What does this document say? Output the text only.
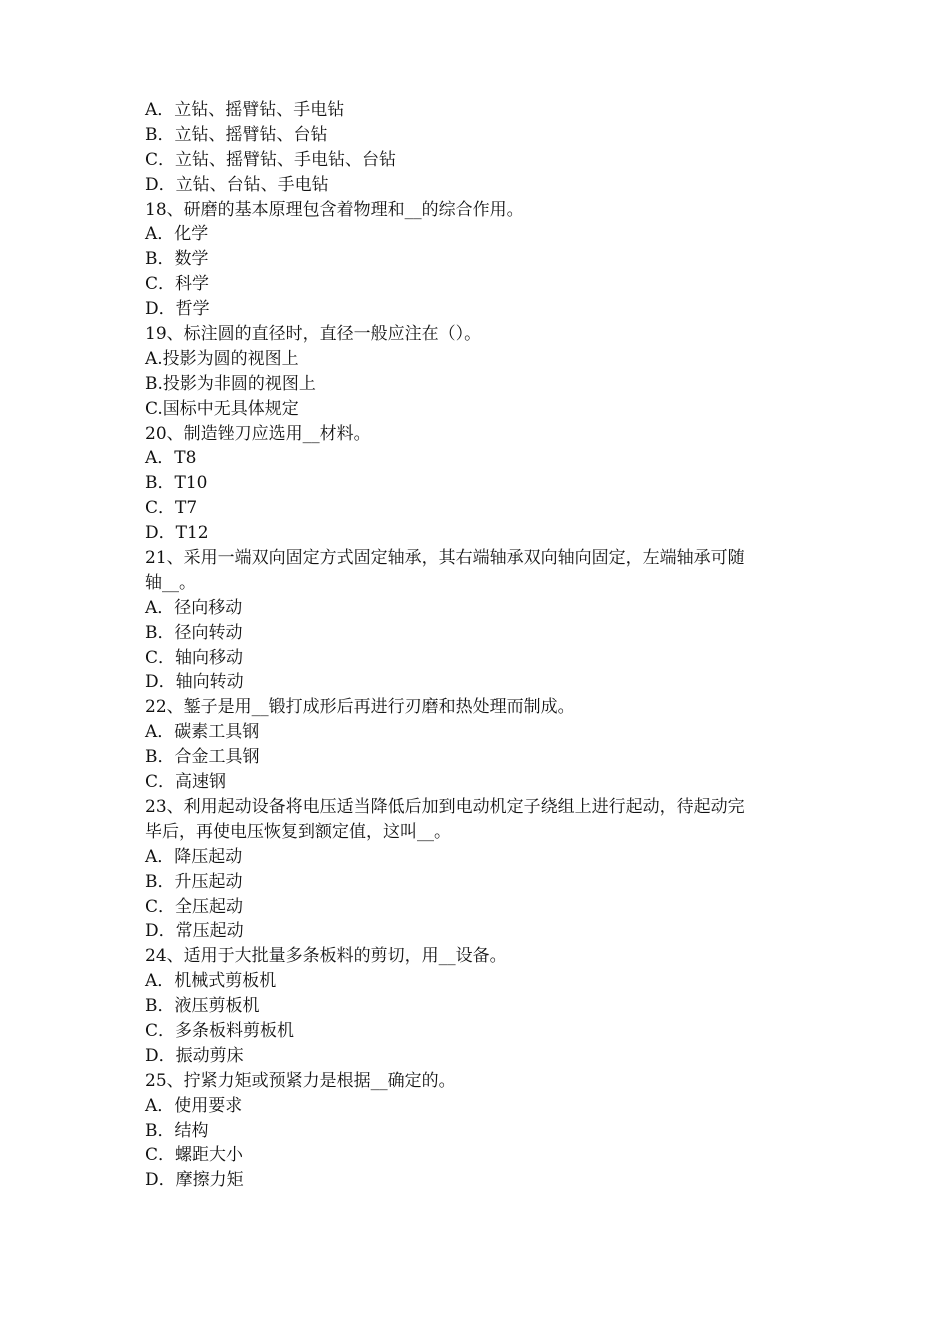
A．立钻、摇臂钻、手电钻
B．立钻、摇臂钻、台钻
C．立钻、摇臂钻、手电钻、台钻
D．立钻、台钻、手电钻
18、研磨的基本原理包含着物理和__的综合作用。
A．化学
B．数学
C．科学
D．哲学
19、标注圆的直径时，直径一般应注在（）。
A.投影为圆的视图上
B.投影为非圆的视图上
C.国标中无具体规定
20、制造锉刀应选用__材料。
A．T8
B．T10
C．T7
D．T12
21、采用一端双向固定方式固定轴承，其右端轴承双向轴向固定，左端轴承可随
轴__。
A．径向移动
B．径向转动
C．轴向移动
D．轴向转动
22、錾子是用__锻打成形后再进行刃磨和热处理而制成。
A．碳素工具钢
B．合金工具钢
C．高速钢
23、利用起动设备将电压适当降低后加到电动机定子绕组上进行起动，待起动完
毕后，再使电压恢复到额定值，这叫__。
A．降压起动
B．升压起动
C．全压起动
D．常压起动
24、适用于大批量多条板料的剪切，用__设备。
A．机械式剪板机
B．液压剪板机
C．多条板料剪板机
D．振动剪床
25、拧紧力矩或预紧力是根据__确定的。
A．使用要求
B．结构
C．螺距大小
D．摩擦力矩
